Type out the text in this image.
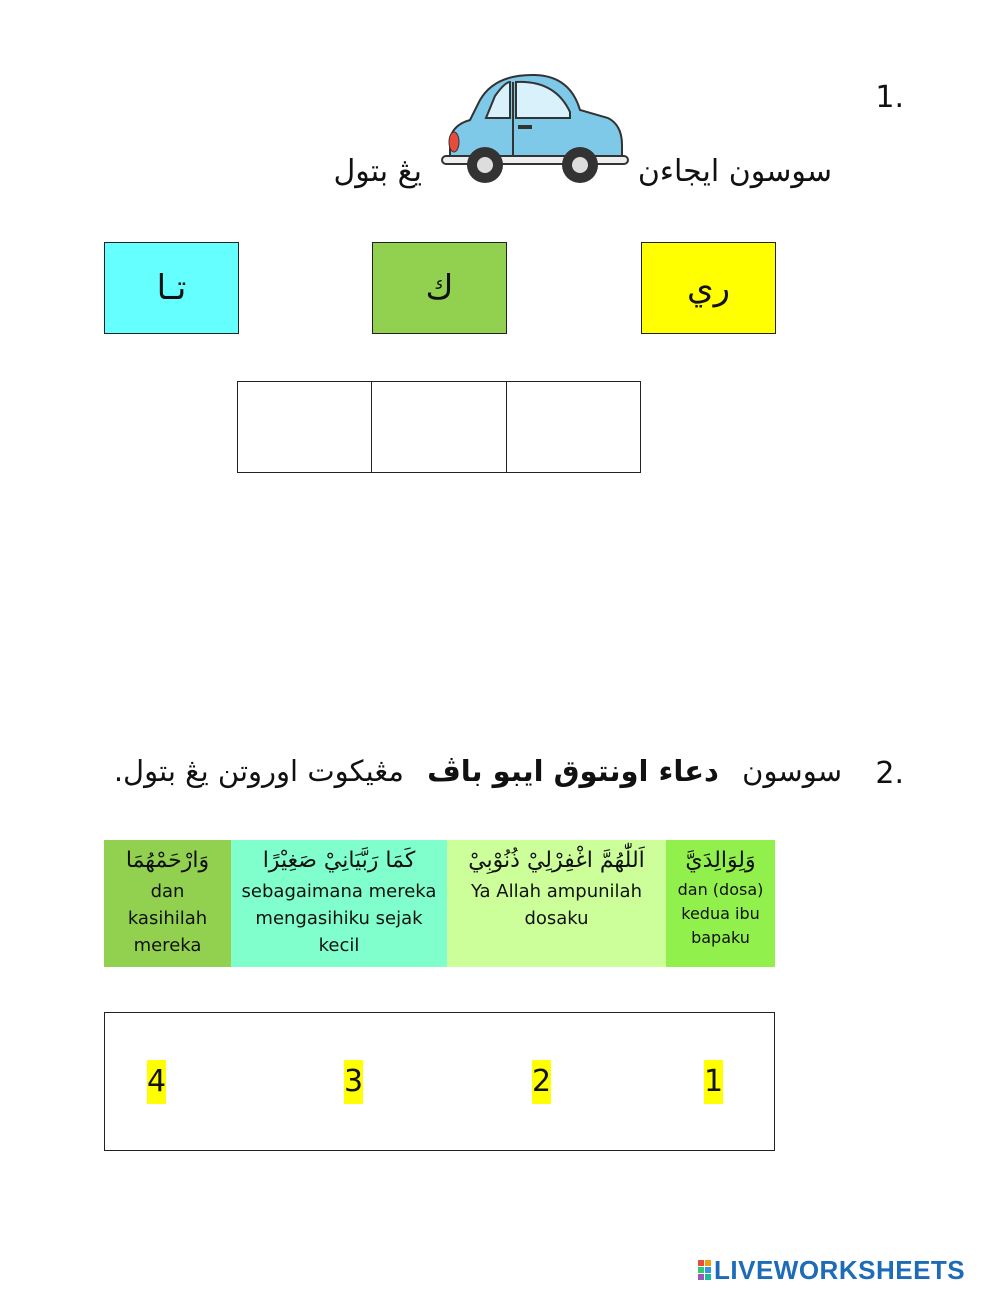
1.
سوسون ايجاءن
يڠ بتول
ري
ك
تـا
2.
سوسون دعاء اونتوق ايبو باڤ مڠيكوت اوروتن يڠ بتول.
وَلِوَالِدَيَّ
dan (dosa) kedua ibu bapaku
اَللّٰهُمَّ اغْفِرْلِيْ ذُنُوْبِيْ
Ya Allah ampunilah dosaku
كَمَا رَبَّيَانِيْ صَغِيْرًا
sebagaimana mereka mengasihiku sejak kecil
وَارْحَمْهُمَا
dan kasihilah mereka
1
2
3
4
LIVEWORKSHEETS
